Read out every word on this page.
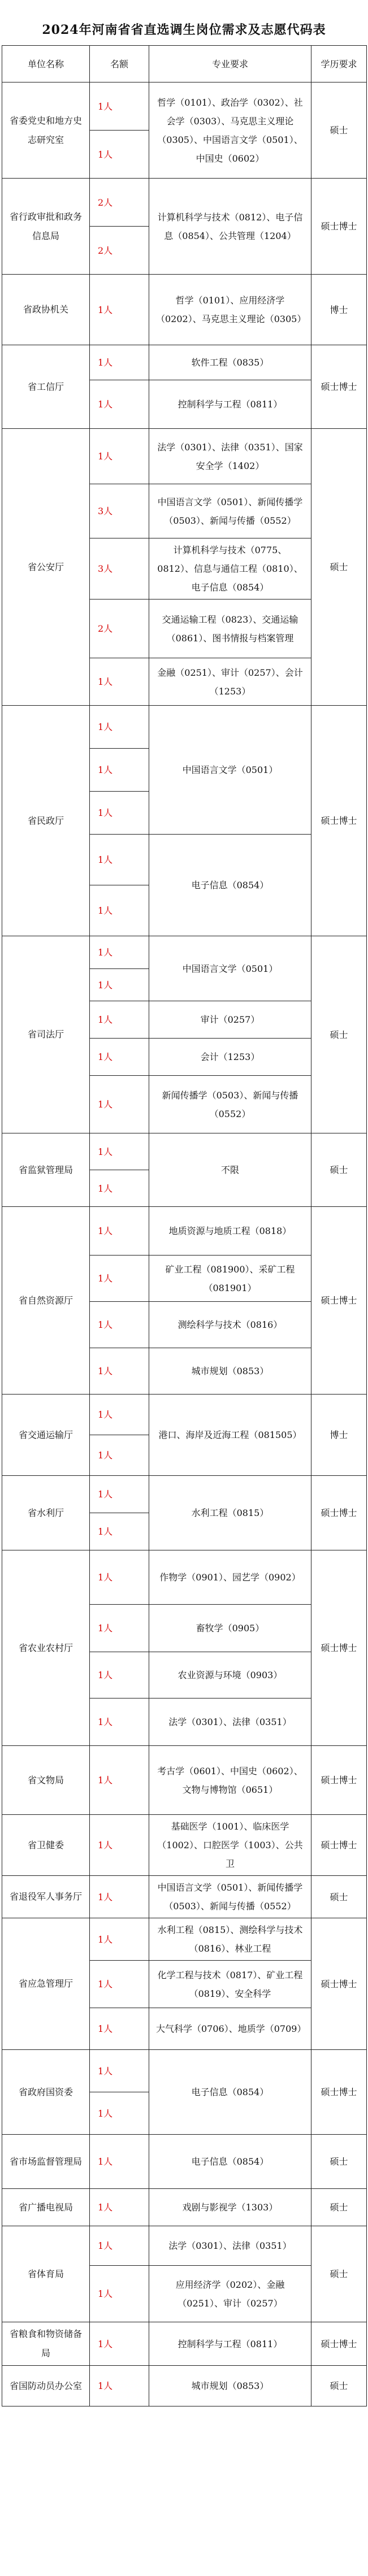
2024年河南省省直选调生岗位需求及志愿代码表
单位名称	名额	专业要求	学历要求
省委党史和地方史志研究室	1人	哲学（0101）、政治学（0302）、社会学（0303）、马克思主义理论（0305）、中国语言文学（0501）、中国史（0602）	硕士
	1人		
省行政审批和政务信息局	2人	计算机科学与技术（0812）、电子信息（0854）、公共管理（1204）	硕士博士
	2人		
省政协机关	1人	哲学（0101）、应用经济学（0202）、马克思主义理论（0305）	博士
省工信厅	1人	软件工程（0835）	硕士博士
	1人	控制科学与工程（0811）	
省公安厅	1人	法学（0301）、法律（0351）、国家安全学（1402）	硕士
	3人	中国语言文学（0501）、新闻传播学（0503）、新闻与传播（0552）	
	3人	计算机科学与技术（0775、0812）、信息与通信工程（0810）、电子信息（0854）	
	2人	交通运输工程（0823）、交通运输（0861）、图书情报与档案管理	
	1人	金融（0251）、审计（0257）、会计（1253）	
省民政厅	1人	中国语言文学（0501）	硕士博士
	1人		
	1人		
	1人	电子信息（0854）	
	1人		
省司法厅	1人	中国语言文学（0501）	硕士
	1人		
	1人	审计（0257）	
	1人	会计（1253）	
	1人	新闻传播学（0503）、新闻与传播（0552）	
省监狱管理局	1人	不限	硕士
	1人		
省自然资源厅	1人	地质资源与地质工程（0818）	硕士博士
	1人	矿业工程（081900）、采矿工程（081901）	
	1人	测绘科学与技术（0816）	
	1人	城市规划（0853）	
省交通运输厅	1人	港口、海岸及近海工程（081505）	博士
	1人		
省水利厅	1人	水利工程（0815）	硕士博士
	1人		
省农业农村厅	1人	作物学（0901）、园艺学（0902）	硕士博士
	1人	畜牧学（0905）	
	1人	农业资源与环境（0903）	
	1人	法学（0301）、法律（0351）	
省文物局	1人	考古学（0601）、中国史（0602）、文物与博物馆（0651）	硕士博士
省卫健委	1人	基础医学（1001）、临床医学（1002）、口腔医学（1003）、公共卫	硕士博士
省退役军人事务厅	1人	中国语言文学（0501）、新闻传播学（0503）、新闻与传播（0552）	硕士
省应急管理厅	1人	水利工程（0815）、测绘科学与技术（0816）、林业工程	硕士博士
	1人	化学工程与技术（0817）、矿业工程（0819）、安全科学	
	1人	大气科学（0706）、地质学（0709）	
省政府国资委	1人	电子信息（0854）	硕士博士
	1人		
省市场监督管理局	1人	电子信息（0854）	硕士
省广播电视局	1人	戏剧与影视学（1303）	硕士
省体育局	1人	法学（0301）、法律（0351）	硕士
	1人	应用经济学（0202）、金融（0251）、审计（0257）	
省粮食和物资储备局	1人	控制科学与工程（0811）	硕士博士
省国防动员办公室	1人	城市规划（0853）	硕士
